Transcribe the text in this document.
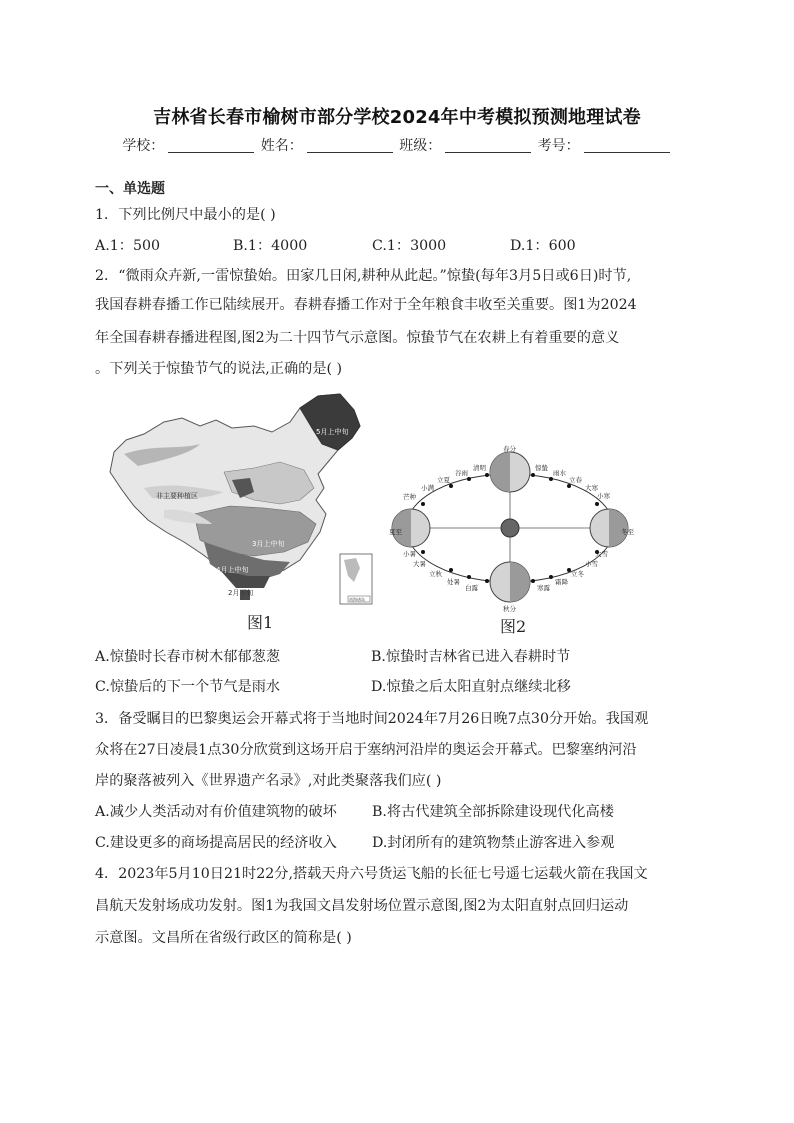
吉林省长春市榆树市部分学校2024年中考模拟预测地理试卷
学校：	姓名：	班级：	考号：
一、单选题
1．下列比例尺中最小的是( )
A.1：500	B.1：4000	C.1：3000	D.1：600
2．“微雨众卉新,一雷惊蛰始。田家几日闲,耕种从此起。”惊蛰(每年3月5日或6日)时节,
我国春耕春播工作已陆续展开。春耕春播工作对于全年粮食丰收至关重要。图1为2024
年全国春耕春播进程图,图2为二十四节气示意图。惊蛰节气在农耕上有着重要的意义
。下列关于惊蛰节气的说法,正确的是( )
5月上中旬
非主要种植区
3月上中旬
2月下旬
4月上中旬
南海诸岛
图1
春分
清明
谷雨
立夏
小满
芒种
惊蛰
雨水
立春
大寒
小寒
秋分
白露
处暑
立秋
大暑
小暑
寒露
霜降
立冬
小雪
大雪
夏至	冬至
图2
A.惊蛰时长春市树木郁郁葱葱	B.惊蛰时吉林省已进入春耕时节
C.惊蛰后的下一个节气是雨水	D.惊蛰之后太阳直射点继续北移
3．备受瞩目的巴黎奥运会开幕式将于当地时间2024年7月26日晚7点30分开始。我国观
众将在27日凌晨1点30分欣赏到这场开启于塞纳河沿岸的奥运会开幕式。巴黎塞纳河沿
岸的聚落被列入《世界遗产名录》,对此类聚落我们应( )
A.减少人类活动对有价值建筑物的破坏 B.将古代建筑全部拆除建设现代化高楼
C.建设更多的商场提高居民的经济收入 D.封闭所有的建筑物禁止游客进入参观
4．2023年5月10日21时22分,搭载天舟六号货运飞船的长征七号遥七运载火箭在我国文
昌航天发射场成功发射。图1为我国文昌发射场位置示意图,图2为太阳直射点回归运动
示意图。文昌所在省级行政区的简称是( )
